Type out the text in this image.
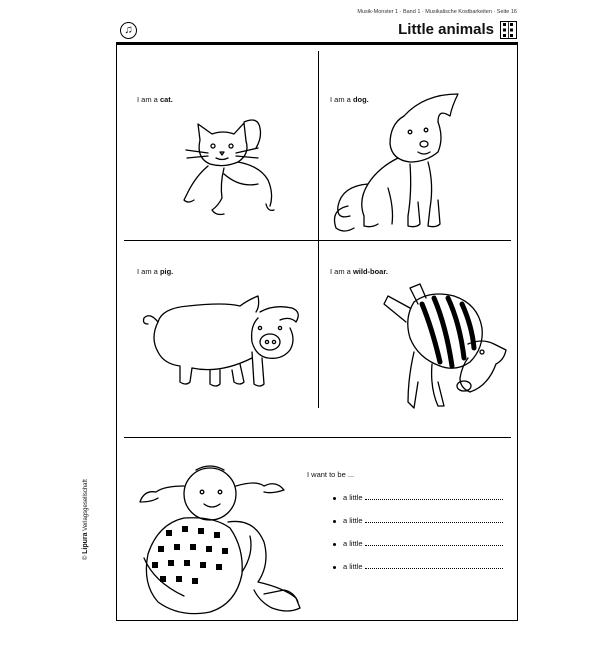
Musik-Monster 1 · Band 1 · Musikalische Kostbarkeiten · Seite 16
♫	Little animals
© Lipura Verlagsgesellschaft
I am a cat.	I am a dog.
I am a pig.	I am a wild-boar.
I want to be ...
a little
a little
a little
a little
